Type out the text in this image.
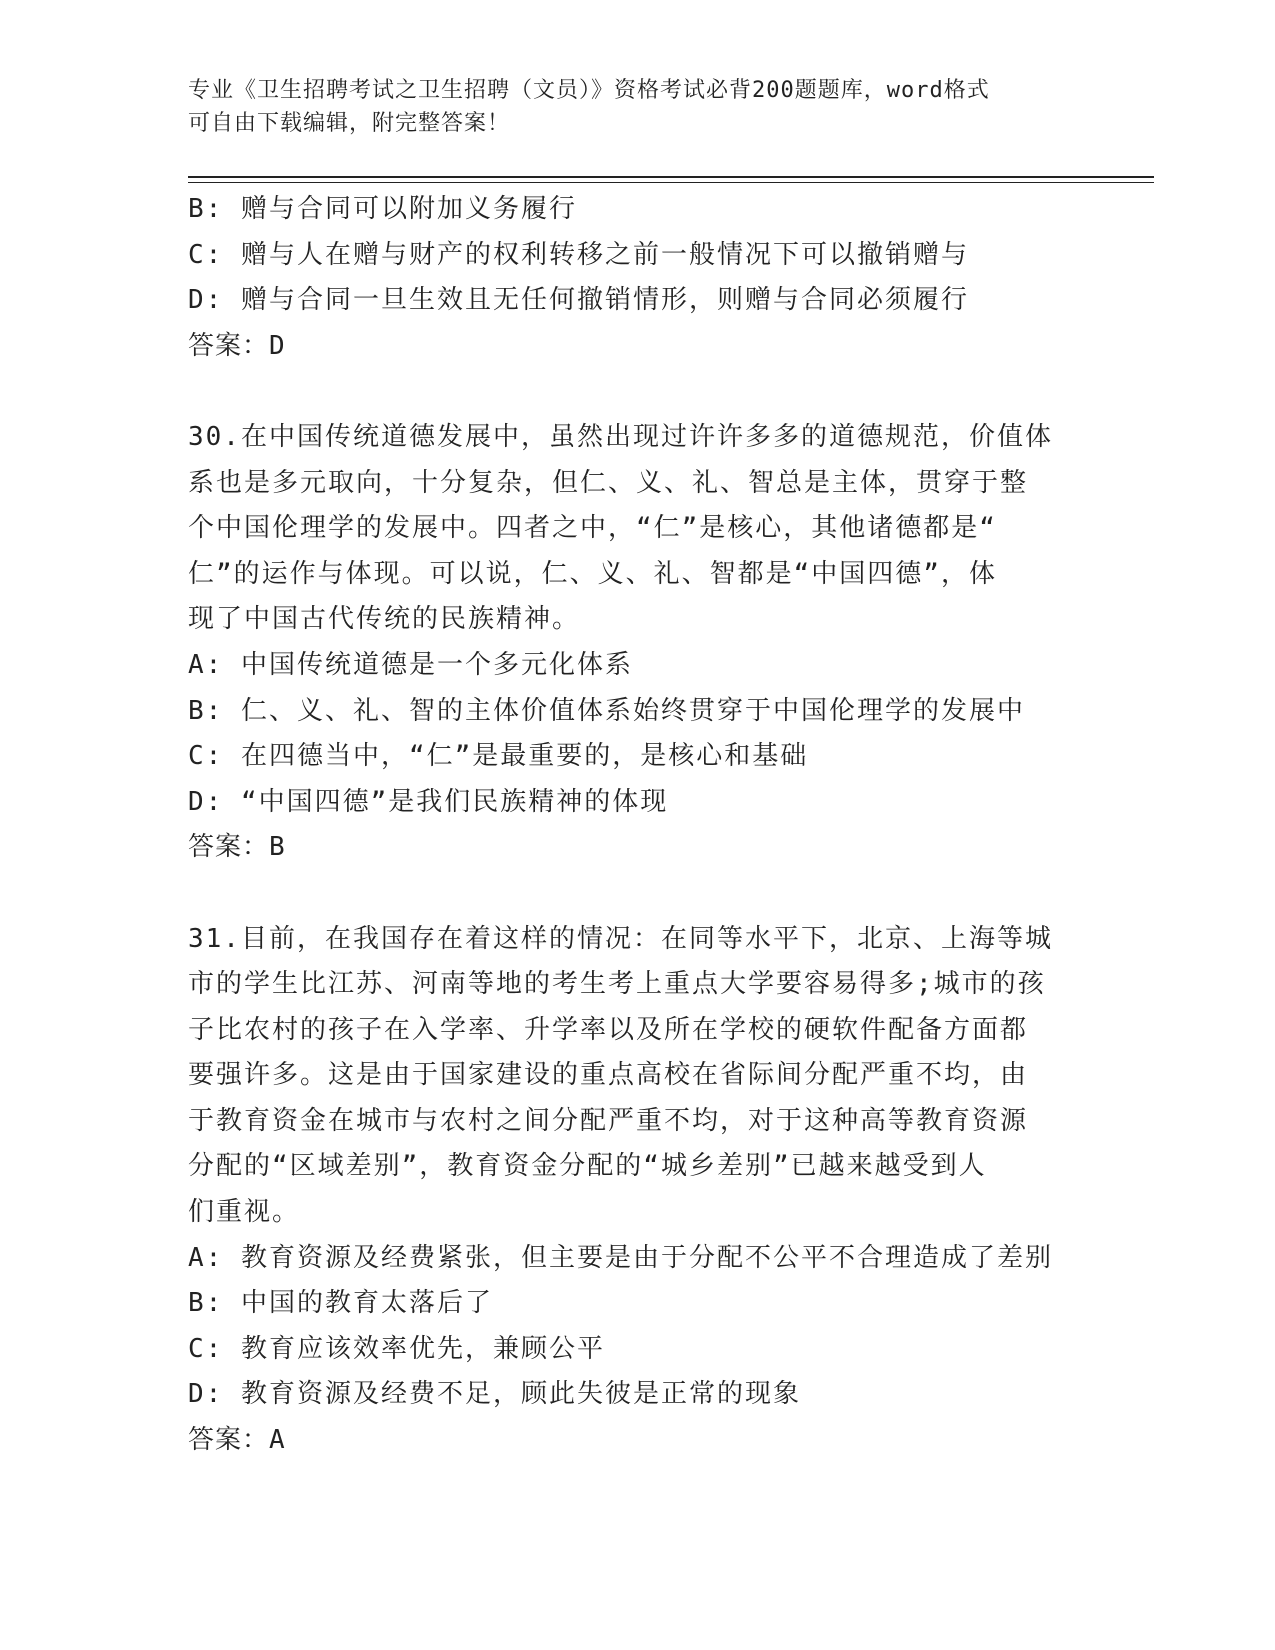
专业《卫生招聘考试之卫生招聘（文员）》资格考试必背200题题库，word格式
可自由下载编辑，附完整答案！
B: 赠与合同可以附加义务履行
C: 赠与人在赠与财产的权利转移之前一般情况下可以撤销赠与
D: 赠与合同一旦生效且无任何撤销情形，则赠与合同必须履行
答案：D
30.在中国传统道德发展中，虽然出现过许许多多的道德规范，价值体
系也是多元取向，十分复杂，但仁、义、礼、智总是主体，贯穿于整
个中国伦理学的发展中。四者之中，“仁”是核心，其他诸德都是“
仁”的运作与体现。可以说，仁、义、礼、智都是“中国四德”，体
现了中国古代传统的民族精神。
A: 中国传统道德是一个多元化体系
B: 仁、义、礼、智的主体价值体系始终贯穿于中国伦理学的发展中
C: 在四德当中，“仁”是最重要的，是核心和基础
D: “中国四德”是我们民族精神的体现
答案：B
31.目前，在我国存在着这样的情况：在同等水平下，北京、上海等城
市的学生比江苏、河南等地的考生考上重点大学要容易得多;城市的孩
子比农村的孩子在入学率、升学率以及所在学校的硬软件配备方面都
要强许多。这是由于国家建设的重点高校在省际间分配严重不均，由
于教育资金在城市与农村之间分配严重不均，对于这种高等教育资源
分配的“区域差别”，教育资金分配的“城乡差别”已越来越受到人
们重视。
A: 教育资源及经费紧张，但主要是由于分配不公平不合理造成了差别
B: 中国的教育太落后了
C: 教育应该效率优先，兼顾公平
D: 教育资源及经费不足，顾此失彼是正常的现象
答案：A
